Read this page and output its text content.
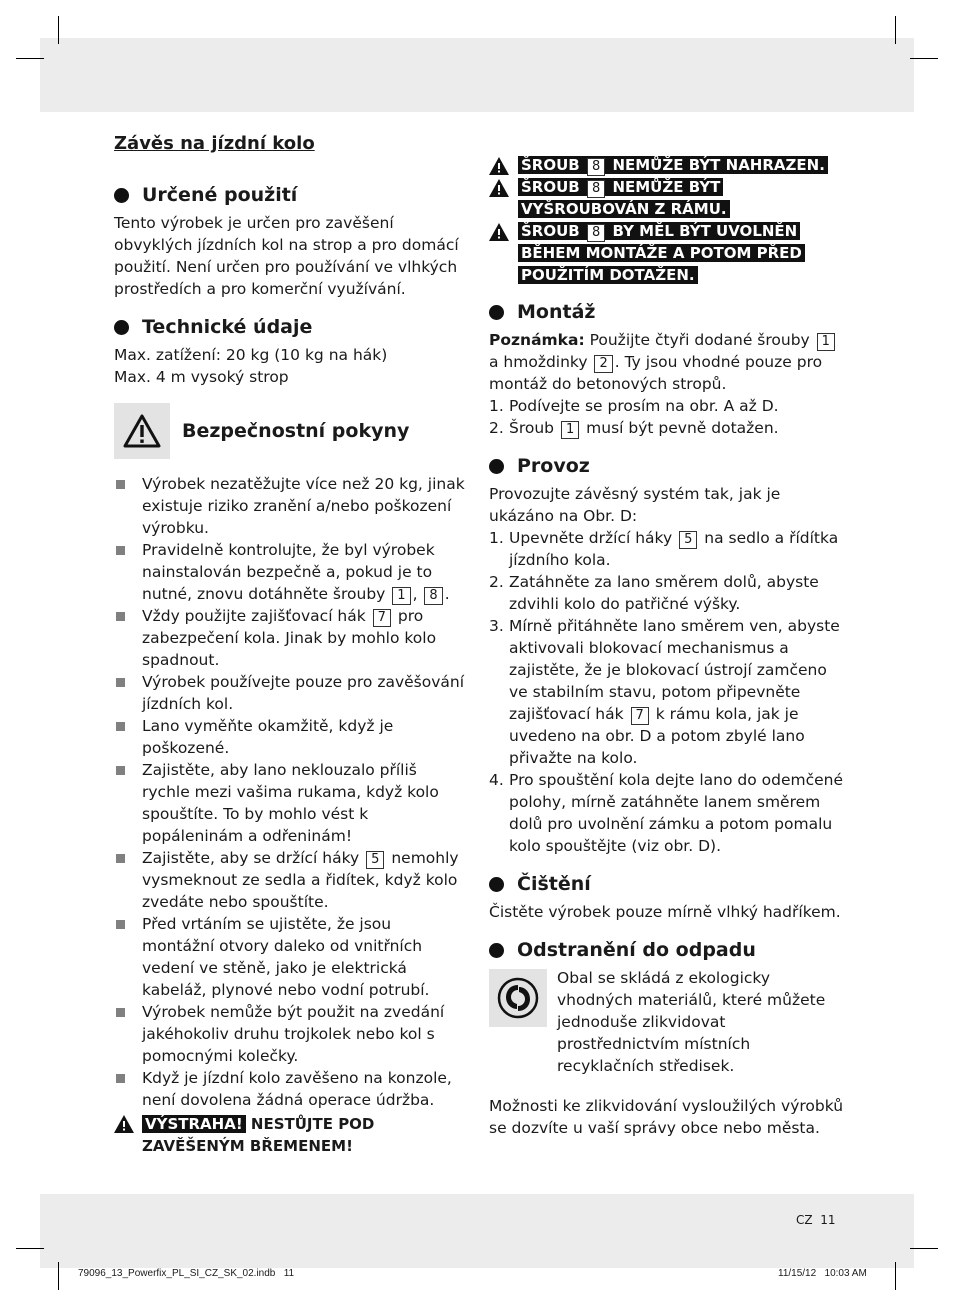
Závěs na jízdní kolo
Určené použití

Tento výrobek je určen pro zavěšení obvyklých jízdních kol na strop a pro domácí použití. Není určen pro používání ve vlhkých prostředích a pro komerční využívání.

Technické údaje

Max. zatížení: 20 kg (10 kg na hák)

Max. 4 m vysoký strop

Bezpečnostní pokyny
Výrobek nezatěžujte více než 20 kg, jinak existuje riziko zranění a/nebo poškození výrobku.
Pravidelně kontrolujte, že byl výrobek nainstalován bezpečně a, pokud je to nutné, znovu dotáhněte šrouby 1 , 8 .
Vždy použijte zajišťovací hák 7 pro zabezpečení kola. Jinak by mohlo kolo spadnout.
Výrobek používejte pouze pro zavěšování jízdních kol.
Lano vyměňte okamžitě, když je poškozené.
Zajistěte, aby lano neklouzalo příliš rychle mezi vašima rukama, když kolo spouštíte. To by mohlo vést k popáleninám a odřeninám!
Zajistěte, aby se držící háky 5 nemohly vysmeknout ze sedla a řidítek, když kolo zvedáte nebo spouštíte.
Před vrtáním se ujistěte, že jsou montážní otvory daleko od vnitřních vedení ve stěně, jako je elektrická kabeláž, plynové nebo vodní potrubí.
Výrobek nemůže být použit na zvedání jakéhokoliv druhu trojkolek nebo kol s pomocnými kolečky.
Když je jízdní kolo zavěšeno na konzole, není dovolena žádná operace údržba.
VÝSTRAHA! NESTŮJTE POD ZAVĚŠENÝM BŘEMENEM!
ŠROUB 8 NEMŮŽE BÝT NAHRAZEN.
ŠROUB 8 NEMŮŽE BÝT VYŠROUBOVÁN Z RÁMU.
ŠROUB 8 BY MĚL BÝT UVOLNĚN BĚHEM MONTÁŽE A POTOM PŘED POUŽITÍM DOTAŽEN.
Montáž

Poznámka: Použijte čtyři dodané šrouby 1 a hmoždinky 2 . Ty jsou vhodné pouze pro montáž do betonových stropů.

1. Podívejte se prosím na obr. A až D.
2. Šroub 1 musí být pevně dotažen.
Provoz

Provozujte závěsný systém tak, jak je ukázáno na Obr. D:

1. Upevněte držící háky 5 na sedlo a řídítka jízdního kola.
2. Zatáhněte za lano směrem dolů, abyste zdvihli kolo do patřičné výšky.
3. Mírně přitáhněte lano směrem ven, abyste aktivovali blokovací mechanismus a zajistěte, že je blokovací ústrojí zamčeno ve stabilním stavu, potom připevněte zajišťovací hák 7 k rámu kola, jak je uvedeno na obr. D a potom zbylé lano přivažte na kolo.
4. Pro spouštění kola dejte lano do odemčené polohy, mírně zatáhněte lanem směrem dolů pro uvolnění zámku a potom pomalu kolo spouštějte (viz obr. D).
Čištění

Čistěte výrobek pouze mírně vlhký hadříkem.

Odstranění do odpadu

Obal se skládá z ekologicky vhodných materiálů, které můžete jednoduše zlikvidovat prostřednictvím místních recyklačních středisek.

Možnosti ke zlikvidování vysloužilých výrobků se dozvíte u vaší správy obce nebo města.

CZ  11
79096_13_Powerfix_PL_SI_CZ_SK_02.indb   11	11/15/12   10:03 AM
